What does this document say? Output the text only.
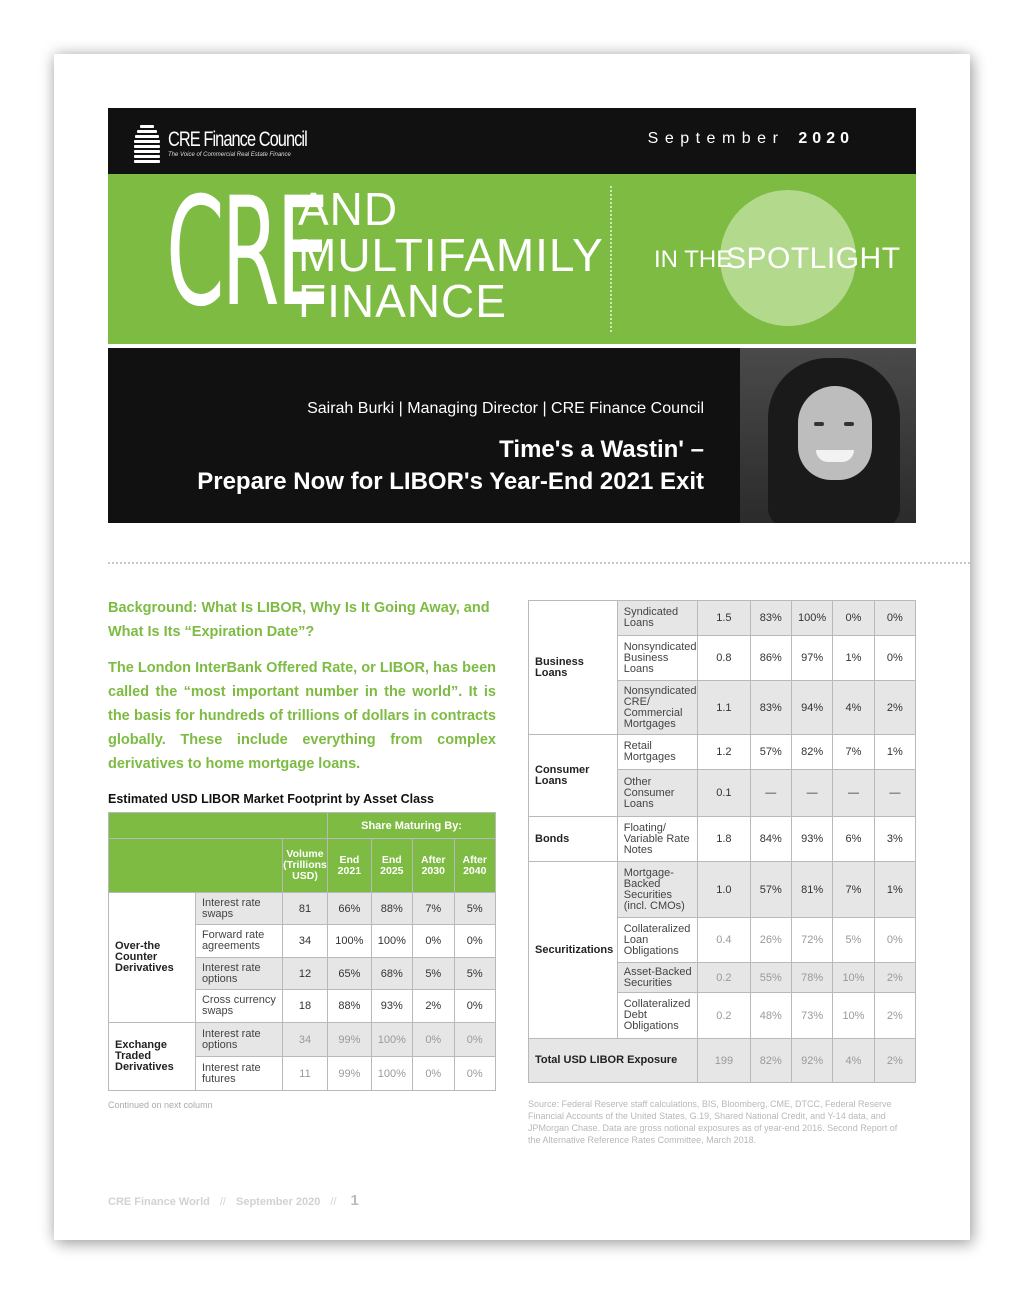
CRE Finance Council
The Voice of Commercial Real Estate Finance
September 2020
CRE
AND
MULTIFAMILY
FINANCE
IN THE
SPOTLIGHT
Sairah Burki | Managing Director | CRE Finance Council
Time's a Wastin' –
Prepare Now for LIBOR's Year-End 2021 Exit
Background: What Is LIBOR, Why Is It Going Away, and What Is Its “Expiration Date”?
The London InterBank Offered Rate, or LIBOR, has been called the “most important number in the world”. It is the basis for hundreds of trillions of dollars in contracts globally. These include everything from complex derivatives to home mortgage loans.
Estimated USD LIBOR Market Footprint by Asset Class
			Share Maturing By:			
		Volume (Trillions USD)	End 2021	End 2025	After 2030	After 2040
Over-the Counter Derivatives	Interest rate swaps	81	66%	88%	7%	5%
	Forward rate agreements	34	100%	100%	0%	0%
	Interest rate options	12	65%	68%	5%	5%
	Cross currency swaps	18	88%	93%	2%	0%
Exchange Traded Derivatives	Interest rate options	34	99%	100%	0%	0%
	Interest rate futures	11	99%	100%	0%	0%
Continued on next column
Business Loans	Syndicated Loans	1.5	83%	100%	0%	0%
	Nonsyndicated Business Loans	0.8	86%	97%	1%	0%
	Nonsyndicated CRE/ Commercial Mortgages	1.1	83%	94%	4%	2%
Consumer Loans	Retail Mortgages	1.2	57%	82%	7%	1%
	Other Consumer Loans	0.1	—	—	—	—
Bonds	Floating/ Variable Rate Notes	1.8	84%	93%	6%	3%
Securitizations	Mortgage-Backed Securities (incl. CMOs)	1.0	57%	81%	7%	1%
	Collateralized Loan Obligations	0.4	26%	72%	5%	0%
	Asset-Backed Securities	0.2	55%	78%	10%	2%
	Collateralized Debt Obligations	0.2	48%	73%	10%	2%
Total USD LIBOR Exposure		199	82%	92%	4%	2%
Source: Federal Reserve staff calculations, BIS, Bloomberg, CME, DTCC, Federal Reserve Financial Accounts of the United States, G.19, Shared National Credit, and Y-14 data, and JPMorgan Chase. Data are gross notional exposures as of year-end 2016. Second Report of the Alternative Reference Rates Committee, March 2018.
CRE Finance World // September 2020 // 1
